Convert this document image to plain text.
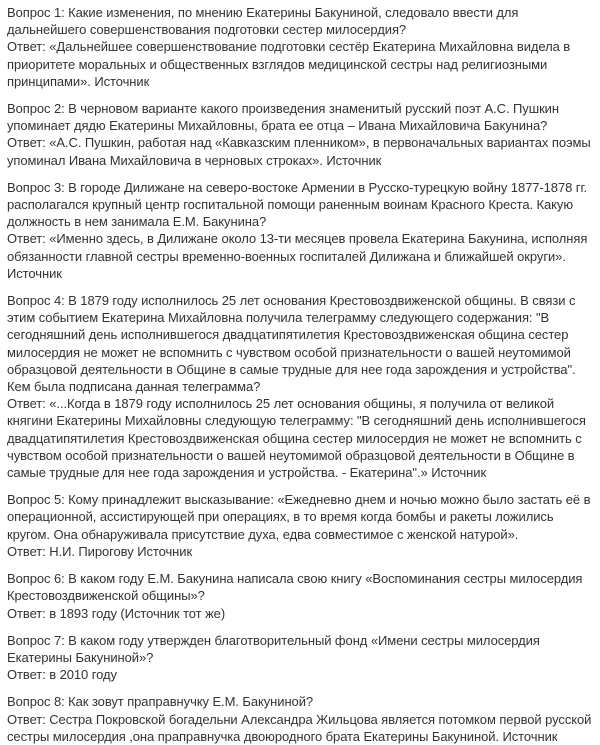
Вопрос 1: Какие изменения, по мнению Екатерины Бакуниной, следовало ввести для дальнейшего совершенствования подготовки сестер милосердия?
Ответ: «Дальнейшее совершенствование подготовки сестёр Екатерина Михайловна видела в приоритете моральных и общественных взглядов медицинской сестры над религиозными принципами». Источник
Вопрос 2: В черновом варианте какого произведения знаменитый русский поэт А.С. Пушкин упоминает дядю Екатерины Михайловны, брата ее отца – Ивана Михайловича Бакунина?
Ответ: «А.С. Пушкин, работая над «Кавказским пленником», в первоначальных вариантах поэмы упоминал Ивана Михайловича в черновых строках». Источник
Вопрос 3: В городе Дилижане на северо-востоке Армении в Русско-турецкую войну 1877-1878 гг. располагался крупный центр госпитальной помощи раненным воинам Красного Креста. Какую должность в нем занимала Е.М. Бакунина?
Ответ: «Именно здесь, в Дилижане около 13-ти месяцев провела Екатерина Бакунина, исполняя обязанности главной сестры временно-военных госпиталей Дилижана и ближайшей округи». Источник
Вопрос 4: В 1879 году исполнилось 25 лет основания Крестовоздвиженской общины. В связи с этим событием Екатерина Михайловна получила телеграмму следующего содержания: "В сегодняшний день исполнившегося двадцатипятилетия Крестовоздвиженская община сестер милосердия не может не вспомнить с чувством особой признательности о вашей неутомимой образцовой деятельности в Общине в самые трудные для нее года зарождения и устройства". Кем была подписана данная телеграмма?
Ответ: «...Когда в 1879 году исполнилось 25 лет основания общины, я получила от великой княгини Екатерины Михайловны следующую телеграмму: "В сегодняшний день исполнившегося двадцатипятилетия Крестовоздвиженская община сестер милосердия не может не вспомнить с чувством особой признательности о вашей неутомимой образцовой деятельности в Общине в самые трудные для нее года зарождения и устройства. - Екатерина".» Источник
Вопрос 5: Кому принадлежит высказывание: «Ежедневно днем и ночью можно было застать её в операционной, ассистирующей при операциях, в то время когда бомбы и ракеты ложились кругом. Она обнаруживала присутствие духа, едва совместимое с женской натурой».
Ответ: Н.И. Пирогову Источник
Вопрос 6: В каком году Е.М. Бакунина написала свою книгу «Воспоминания сестры милосердия Крестовоздвиженской общины»?
Ответ: в 1893 году (Источник тот же)
Вопрос 7: В каком году утвержден благотворительный фонд «Имени сестры милосердия Екатерины Бакуниной»?
Ответ: в 2010 году
Вопрос 8: Как зовут праправнучку Е.М. Бакуниной?
Ответ: Сестра Покровской богадельни Александра Жильцова является потомком первой русской сестры милосердия ,она праправнучка двоюродного брата Екатерины Бакуниной. Источник
